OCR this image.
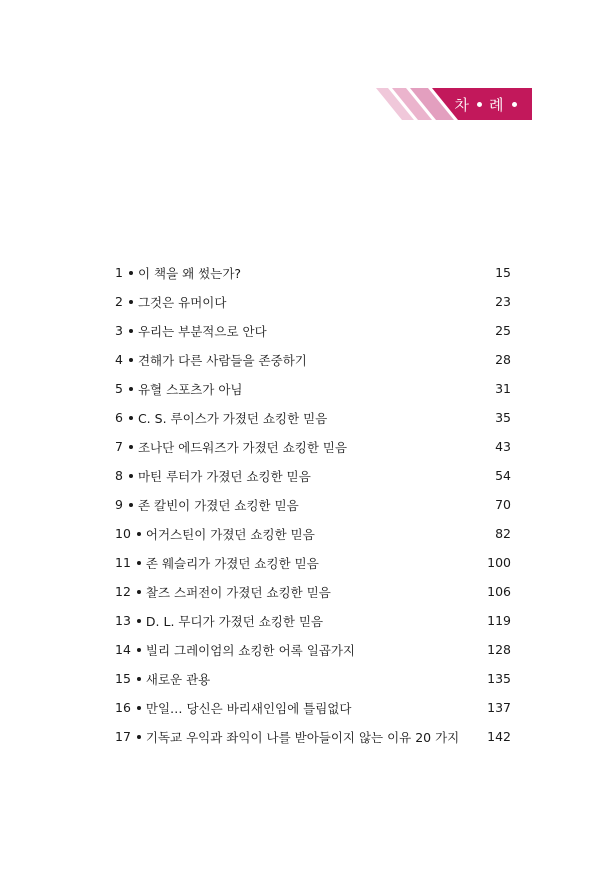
차 례
1 이 책을 왜 썼는가?	15
2 그것은 유머이다	23
3 우리는 부분적으로 안다	25
4 견해가 다른 사람들을 존중하기	28
5 유혈 스포츠가 아님	31
6 C. S. 루이스가 가졌던 쇼킹한 믿음	35
7 조나단 에드워즈가 가졌던 쇼킹한 믿음	43
8 마틴 루터가 가졌던 쇼킹한 믿음	54
9 존 칼빈이 가졌던 쇼킹한 믿음	70
10 어거스틴이 가졌던 쇼킹한 믿음	82
11 존 웨슬리가 가졌던 쇼킹한 믿음	100
12 찰즈 스퍼전이 가졌던 쇼킹한 믿음	106
13 D. L. 무디가 가졌던 쇼킹한 믿음	119
14 빌리 그레이엄의 쇼킹한 어록 일곱가지	128
15 새로운 관용	135
16 만일… 당신은 바리새인임에 틀림없다	137
17 기독교 우익과 좌익이 나를 받아들이지 않는 이유 20 가지	142
